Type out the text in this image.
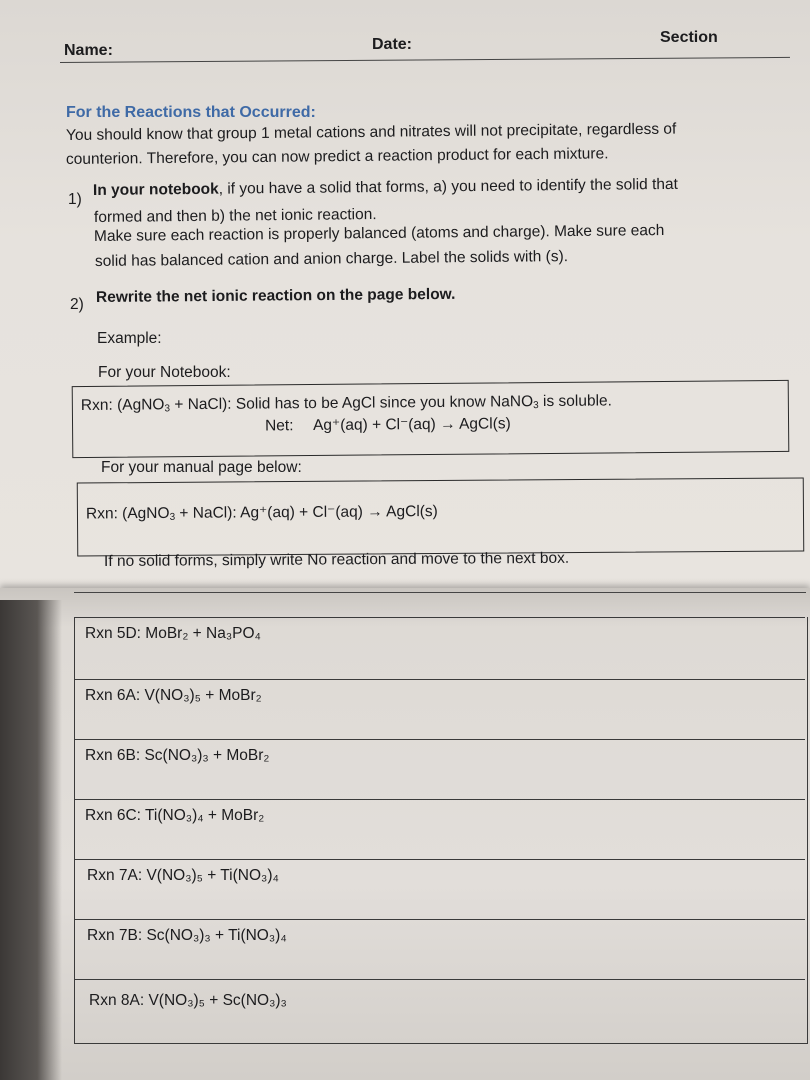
Name:	Date:	Section
For the Reactions that Occurred:
You should know that group 1 metal cations and nitrates will not precipitate, regardless of
counterion. Therefore, you can now predict a reaction product for each mixture.
1)
In your notebook, if you have a solid that forms, a) you need to identify the solid that
formed and then b) the net ionic reaction.
Make sure each reaction is properly balanced (atoms and charge). Make sure each
solid has balanced cation and anion charge. Label the solids with (s).
2) Rewrite the net ionic reaction on the page below.
Example:
For your Notebook:
Rxn: (AgNO$_3$ + NaCl): Solid has to be AgCl since you know NaNO$_3$ is soluble.
Net: Ag⁺(aq) + Cl⁻(aq) → AgCl(s)
For your manual page below:
Rxn: (AgNO$_3$ + NaCl): Ag⁺(aq) + Cl⁻(aq) → AgCl(s)
If no solid forms, simply write No reaction and move to the next box.
Rxn 5D: MoBr₂ + Na₃PO₄
Rxn 6A: V(NO₃)₅ + MoBr₂
Rxn 6B: Sc(NO₃)₃ + MoBr₂
Rxn 6C: Ti(NO₃)₄ + MoBr₂
Rxn 7A: V(NO₃)₅ + Ti(NO₃)₄
Rxn 7B: Sc(NO₃)₃ + Ti(NO₃)₄
Rxn 8A: V(NO₃)₅ + Sc(NO₃)₃
